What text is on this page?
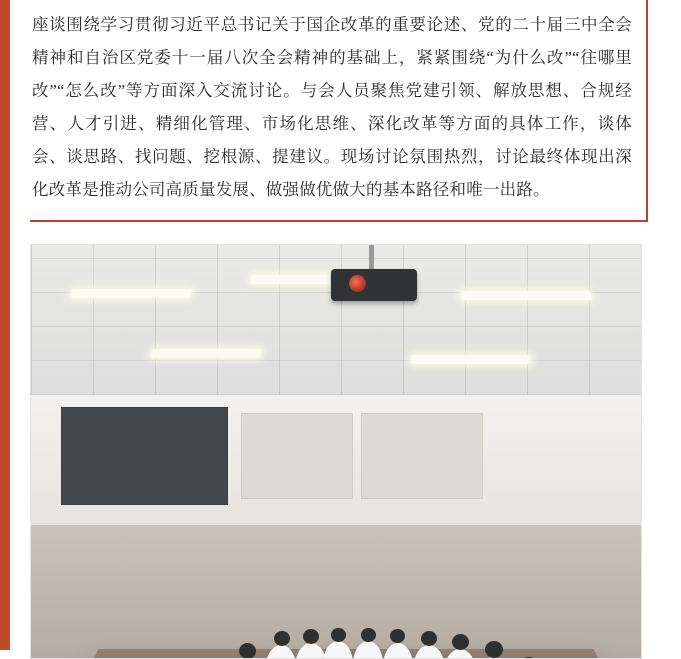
座谈围绕学习贯彻习近平总书记关于国企改革的重要论述、党的二十届三中全会精神和自治区党委十一届八次全会精神的基础上，紧紧围绕“为什么改”“往哪里改”“怎么改”等方面深入交流讨论。与会人员聚焦党建引领、解放思想、合规经营、人才引进、精细化管理、市场化思维、深化改革等方面的具体工作，谈体会、谈思路、找问题、挖根源、提建议。现场讨论氛围热烈，讨论最终体现出深化改革是推动公司高质量发展、做强做优做大的基本路径和唯一出路。
